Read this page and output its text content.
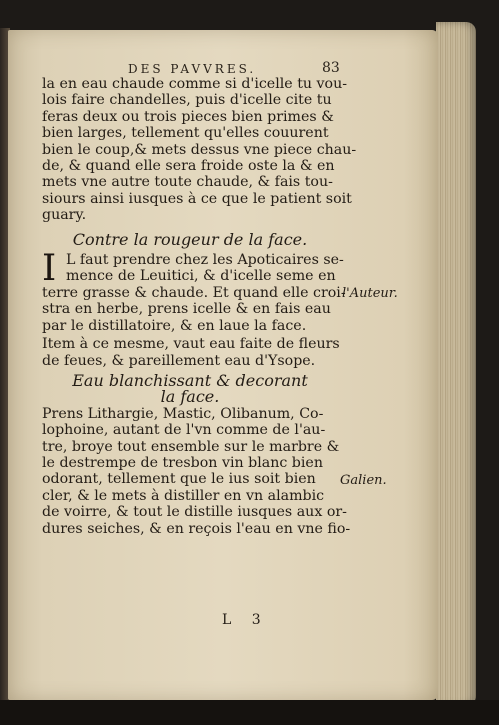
DES PAVVRES.	83
la en eau chaude comme si d'icelle tu vou-
lois faire chandelles, puis d'icelle cite tu
feras deux ou trois pieces bien primes &
bien larges, tellement qu'elles couurent
bien le coup,& mets dessus vne piece chau-
de, & quand elle sera froide oste la & en
mets vne autre toute chaude, & fais tou-
siours ainsi iusques à ce que le patient soit
guary.
Contre la rougeur de la face.
I L faut prendre chez les Apoticaires se-
mence de Leuitici, & d'icelle seme en
terre grasse & chaude. Et quand elle croi-
stra en herbe, prens icelle & en fais eau
par le distillatoire, & en laue la face.
Item à ce mesme, vaut eau faite de fleurs
de feues, & pareillement eau d'Ysope.
Eau blanchissant & decorant
la face.
Prens Lithargie, Mastic, Olibanum, Co-
lophoine, autant de l'vn comme de l'au-
tre, broye tout ensemble sur le marbre &
le destrempe de tresbon vin blanc bien
odorant, tellement que le ius soit bien
cler, & le mets à distiller en vn alambic
de voirre, & tout le distille iusques aux or-
dures seiches, & en reçois l'eau en vne fio-
l'Auteur.
Galien.
L 3
